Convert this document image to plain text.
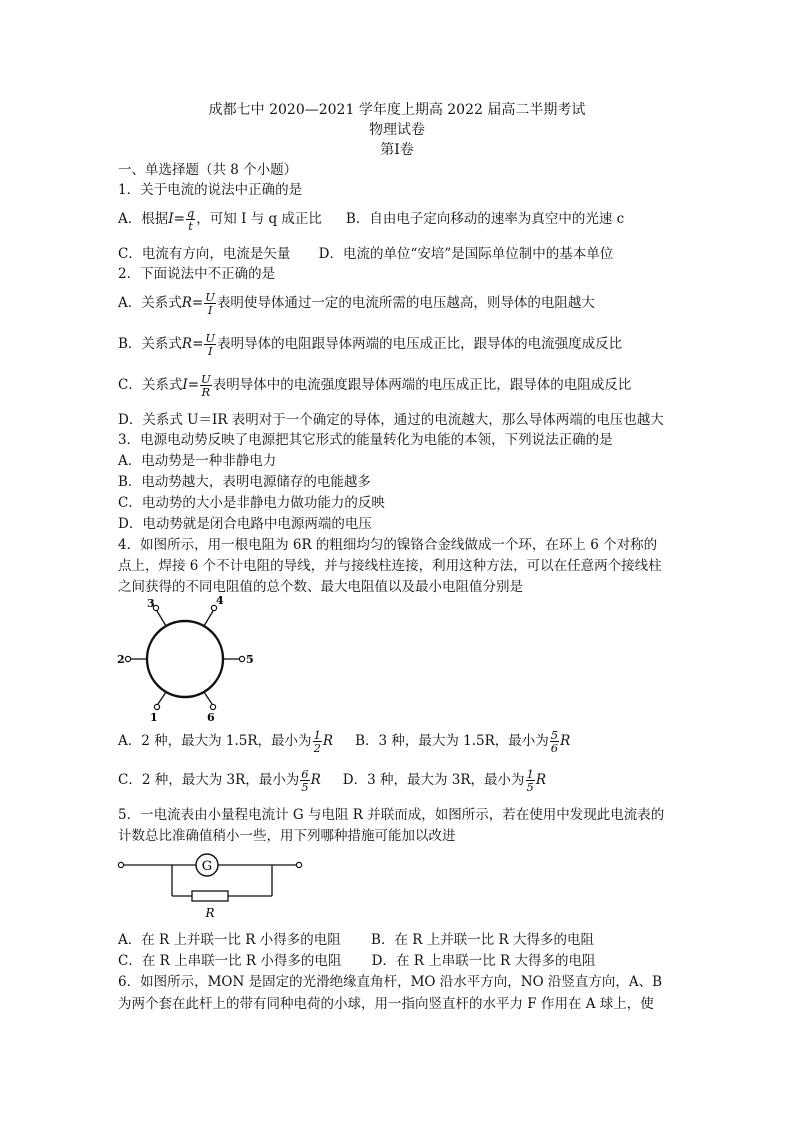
成都七中 2020—2021 学年度上期高 2022 届高二半期考试
物理试卷
第Ⅰ卷
一、单选择题（共 8 个小题）
1．关于电流的说法中正确的是
A．根据 $I = \frac{q}{t}$ ，可知 I 与 q 成正比 B．自由电子定向移动的速率为真空中的光速 c
C．电流有方向，电流是矢量 D．电流的单位“安培”是国际单位制中的基本单位
2．下面说法中不正确的是
A．关系式 $R = \frac{U}{I}$ 表明使导体通过一定的电流所需的电压越高，则导体的电阻越大
B．关系式 $R = \frac{U}{I}$ 表明导体的电阻跟导体两端的电压成正比，跟导体的电流强度成反比
C．关系式 $I = \frac{U}{R}$ 表明导体中的电流强度跟导体两端的电压成正比，跟导体的电阻成反比
D．关系式 U＝IR 表明对于一个确定的导体，通过的电流越大，那么导体两端的电压也越大
3．电源电动势反映了电源把其它形式的能量转化为电能的本领，下列说法正确的是
A．电动势是一种非静电力
B．电动势越大，表明电源储存的电能越多
C．电动势的大小是非静电力做功能力的反映
D．电动势就是闭合电路中电源两端的电压
4．如图所示，用一根电阻为 6R 的粗细均匀的镍铬合金线做成一个环，在环上 6 个对称的
点上，焊接 6 个不计电阻的导线，并与接线柱连接，利用这种方法，可以在任意两个接线柱
之间获得的不同电阻值的总个数、最大电阻值以及最小电阻值分别是
3	4
2	5
1	6
A．2 种，最大为 1.5R，最小为 $\frac{1}{2}$ R B．3 种，最大为 1.5R，最小为 $\frac{5}{6}$ R
C．2 种，最大为 3R，最小为 $\frac{6}{5}$ R D．3 种，最大为 3R，最小为 $\frac{1}{5}$ R
5．一电流表由小量程电流计 G 与电阻 R 并联而成，如图所示，若在使用中发现此电流表的
计数总比准确值稍小一些，用下列哪种措施可能加以改进
G
R
A．在 R 上并联一比 R 小得多的电阻 B．在 R 上并联一比 R 大得多的电阻
C．在 R 上串联一比 R 小得多的电阻 D．在 R 上串联一比 R 大得多的电阻
6．如图所示，MON 是固定的光滑绝缘直角杆，MO 沿水平方向，NO 沿竖直方向，A、B
为两个套在此杆上的带有同种电荷的小球，用一指向竖直杆的水平力 F 作用在 A 球上，使
